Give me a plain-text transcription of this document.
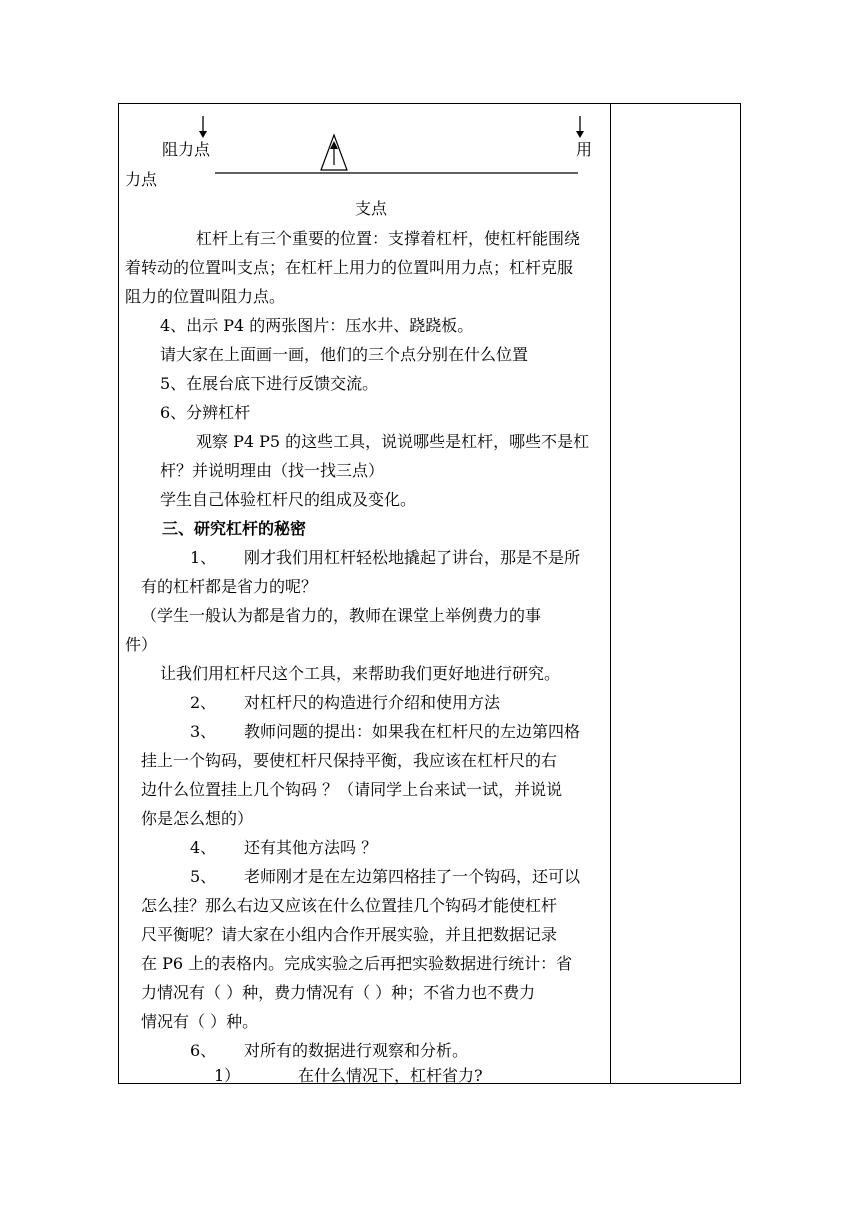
阻力点	用
力点
支点
杠杆上有三个重要的位置：支撑着杠杆，使杠杆能围绕
着转动的位置叫支点；在杠杆上用力的位置叫用力点；杠杆克服
阻力的位置叫阻力点。
4、出示 P4 的两张图片：压水井、跷跷板。
请大家在上面画一画，他们的三个点分别在什么位置
5、在展台底下进行反馈交流。
6、分辨杠杆
观察 P4 P5 的这些工具，说说哪些是杠杆，哪些不是杠
杆？并说明理由（找一找三点）
学生自己体验杠杆尺的组成及变化。
三、研究杠杆的秘密
1、 刚才我们用杠杆轻松地撬起了讲台，那是不是所
有的杠杆都是省力的呢？
（学生一般认为都是省力的，教师在课堂上举例费力的事
件）
让我们用杠杆尺这个工具，来帮助我们更好地进行研究。
2、 对杠杆尺的构造进行介绍和使用方法
3、 教师问题的提出：如果我在杠杆尺的左边第四格
挂上一个钩码，要使杠杆尺保持平衡，我应该在杠杆尺的右
边什么位置挂上几个钩码 ？（请同学上台来试一试，并说说
你是怎么想的）
4、 还有其他方法吗 ？
5、 老师刚才是在左边第四格挂了一个钩码，还可以
怎么挂？那么右边又应该在什么位置挂几个钩码才能使杠杆
尺平衡呢？请大家在小组内合作开展实验，并且把数据记录
在 P6 上的表格内。完成实验之后再把实验数据进行统计：省
力情况有（ ）种，费力情况有（ ）种；不省力也不费力
情况有（ ）种。
6、 对所有的数据进行观察和分析。
1）	在什么情况下，杠杆省力?
